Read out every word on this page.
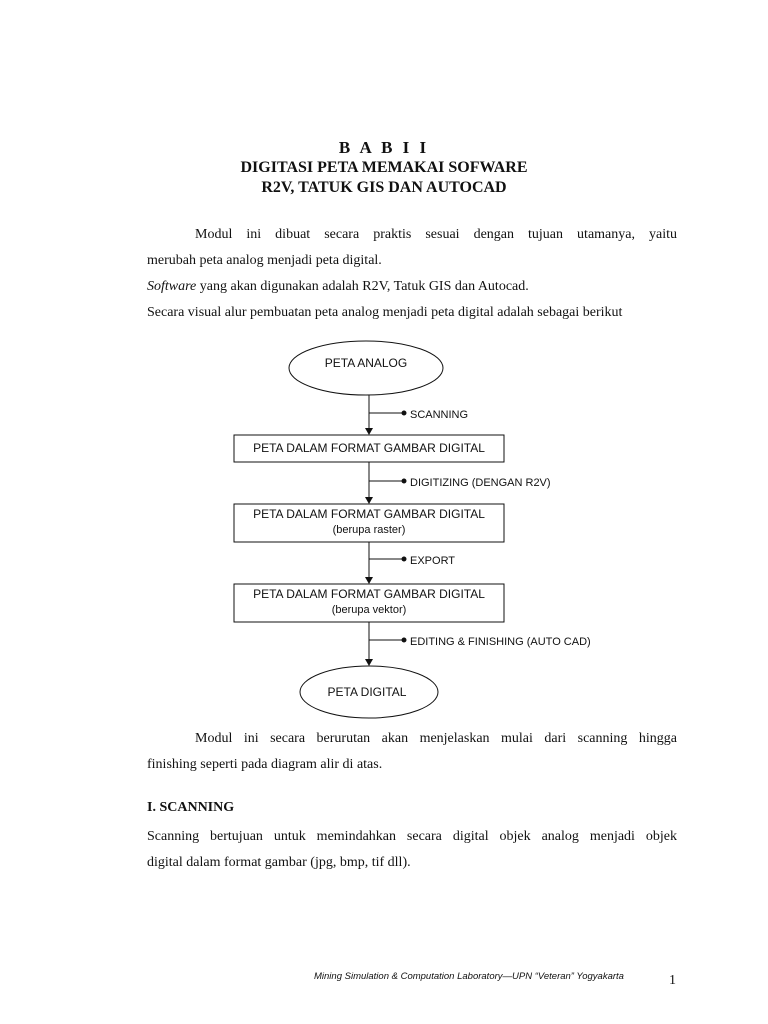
B A B I I
DIGITASI PETA MEMAKAI SOFWARE
R2V, TATUK GIS DAN AUTOCAD
Modul ini dibuat secara praktis sesuai dengan tujuan utamanya, yaitu
merubah peta analog menjadi peta digital.
Software yang akan digunakan adalah R2V, Tatuk GIS dan Autocad.
Secara visual alur pembuatan peta analog menjadi peta digital adalah sebagai berikut
PETA ANALOG
PETA DALAM FORMAT GAMBAR DIGITAL
PETA DALAM FORMAT GAMBAR DIGITAL
(berupa raster)
PETA DALAM FORMAT GAMBAR DIGITAL
(berupa vektor)
PETA DIGITAL
SCANNING
DIGITIZING (DENGAN R2V)
EXPORT
EDITING & FINISHING (AUTO CAD)
Modul ini secara berurutan akan menjelaskan mulai dari scanning hingga
finishing seperti pada diagram alir di atas.
I. SCANNING
Scanning bertujuan untuk memindahkan secara digital objek analog menjadi objek
digital dalam format gambar (jpg, bmp, tif dll).
Mining Simulation & Computation Laboratory—UPN “Veteran” Yogyakarta	1
